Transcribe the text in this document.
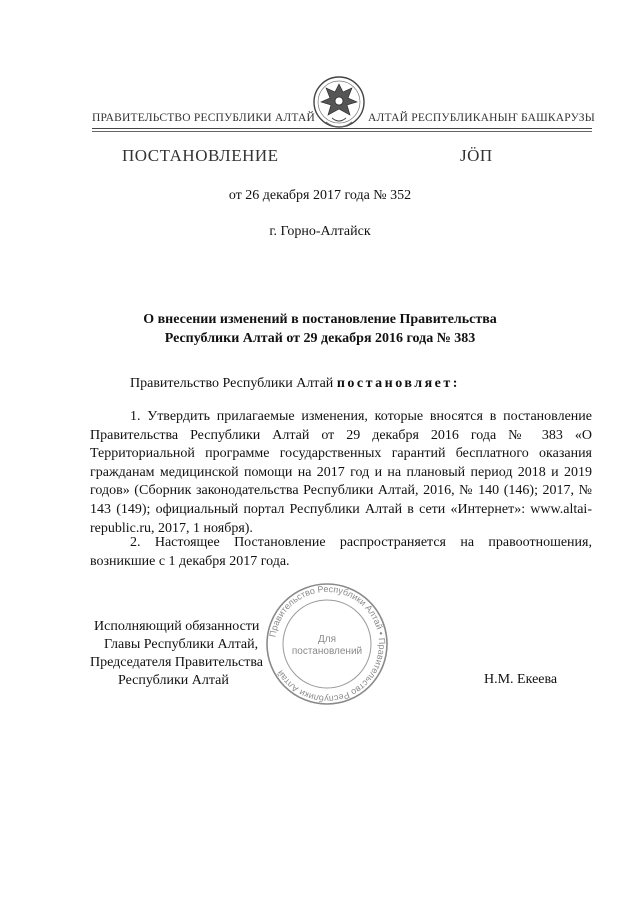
ПРАВИТЕЛЬСТВО РЕСПУБЛИКИ АЛТАЙ	АЛТАЙ РЕСПУБЛИКАНЫҤ БАШКАРУЗЫ
ПОСТАНОВЛЕНИЕ	ЈӦП
от 26 декабря 2017 года № 352
г. Горно-Алтайск
О внесении изменений в постановление Правительства
Республики Алтай от 29 декабря 2016 года № 383
Правительство Республики Алтай постановляет:

1. Утвердить прилагаемые изменения, которые вносятся в постановление Правительства Республики Алтай от 29 декабря 2016 года № 383 «О Территориальной программе государственных гарантий бесплатного оказания гражданам медицинской помощи на 2017 год и на плановый период 2018 и 2019 годов» (Сборник законодательства Республики Алтай, 2016, № 140 (146); 2017, № 143 (149); официальный портал Республики Алтай в сети «Интернет»: www.altai-republic.ru, 2017, 1 ноября).

2. Настоящее Постановление распространяется на правоотношения, возникшие с 1 декабря 2017 года.

Правительство Республики Алтай • Правительство Республики Алтай
Для
постановлений
Исполняющий обязанности
Главы Республики Алтай,
Председателя Правительства
Республики Алтай	Н.М. Екеева
